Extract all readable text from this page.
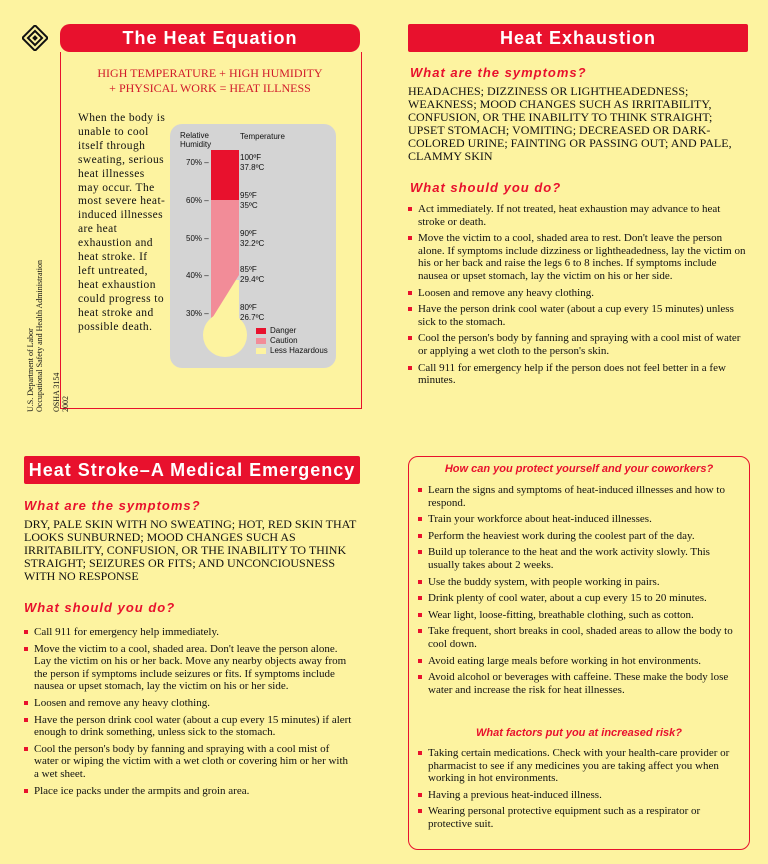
The Heat Equation

HIGH TEMPERATURE + HIGH HUMIDITY

+ PHYSICAL WORK = HEAT ILLNESS

When the body is unable to cool itself through sweating, serious heat illnesses may occur. The most severe heat-induced illnesses are heat exhaustion and heat stroke. If left untreated, heat exhaustion could progress to heat stroke and possible death.

U.S. Department of Labor Occupational Safety and Health Administration OSHA 3154 2002
Relative Humidity
Temperature
70% –
60% –
50% –
40% –
30% –
100ºF
37.8ºC
95ºF
35ºC
90ºF
32.2ºC
85ºF
29.4ºC
80ºF
26.7ºC
Danger
Caution
Less Hazardous
Heat Exhaustion
What are the symptoms?

HEADACHES; DIZZINESS OR LIGHTHEADEDNESS; WEAKNESS; MOOD CHANGES SUCH AS IRRITABILITY, CONFUSION, OR THE INABILITY TO THINK STRAIGHT; UPSET STOMACH; VOMITING; DECREASED OR DARK-COLORED URINE; FAINTING OR PASSING OUT; AND PALE, CLAMMY SKIN

What should you do?
Act immediately. If not treated, heat exhaustion may advance to heat stroke or death.
Move the victim to a cool, shaded area to rest. Don't leave the person alone. If symptoms include dizziness or lightheadedness, lay the victim on his or her back and raise the legs 6 to 8 inches. If symptoms include nausea or upset stomach, lay the victim on his or her side.
Loosen and remove any heavy clothing.
Have the person drink cool water (about a cup every 15 minutes) unless sick to the stomach.
Cool the person's body by fanning and spraying with a cool mist of water or applying a wet cloth to the person's skin.
Call 911 for emergency help if the person does not feel better in a few minutes.
Heat Stroke–A Medical Emergency
What are the symptoms?

DRY, PALE SKIN WITH NO SWEATING; HOT, RED SKIN THAT LOOKS SUNBURNED; MOOD CHANGES SUCH AS IRRITABILITY, CONFUSION, OR THE INABILITY TO THINK STRAIGHT; SEIZURES OR FITS; AND UNCONCIOUSNESS WITH NO RESPONSE

What should you do?
Call 911 for emergency help immediately.
Move the victim to a cool, shaded area. Don't leave the person alone. Lay the victim on his or her back. Move any nearby objects away from the person if symptoms include seizures or fits. If symptoms include nausea or upset stomach, lay the victim on his or her side.
Loosen and remove any heavy clothing.
Have the person drink cool water (about a cup every 15 minutes) if alert enough to drink something, unless sick to the stomach.
Cool the person's body by fanning and spraying with a cool mist of water or wiping the victim with a wet cloth or covering him or her with a wet sheet.
Place ice packs under the armpits and groin area.
How can you protect yourself and your coworkers?
Learn the signs and symptoms of heat-induced illnesses and how to respond.
Train your workforce about heat-induced illnesses.
Perform the heaviest work during the coolest part of the day.
Build up tolerance to the heat and the work activity slowly. This usually takes about 2 weeks.
Use the buddy system, with people working in pairs.
Drink plenty of cool water, about a cup every 15 to 20 minutes.
Wear light, loose-fitting, breathable clothing, such as cotton.
Take frequent, short breaks in cool, shaded areas to allow the body to cool down.
Avoid eating large meals before working in hot environments.
Avoid alcohol or beverages with caffeine. These make the body lose water and increase the risk for heat illnesses.
What factors put you at increased risk?
Taking certain medications. Check with your health-care provider or pharmacist to see if any medicines you are taking affect you when working in hot environments.
Having a previous heat-induced illness.
Wearing personal protective equipment such as a respirator or protective suit.
